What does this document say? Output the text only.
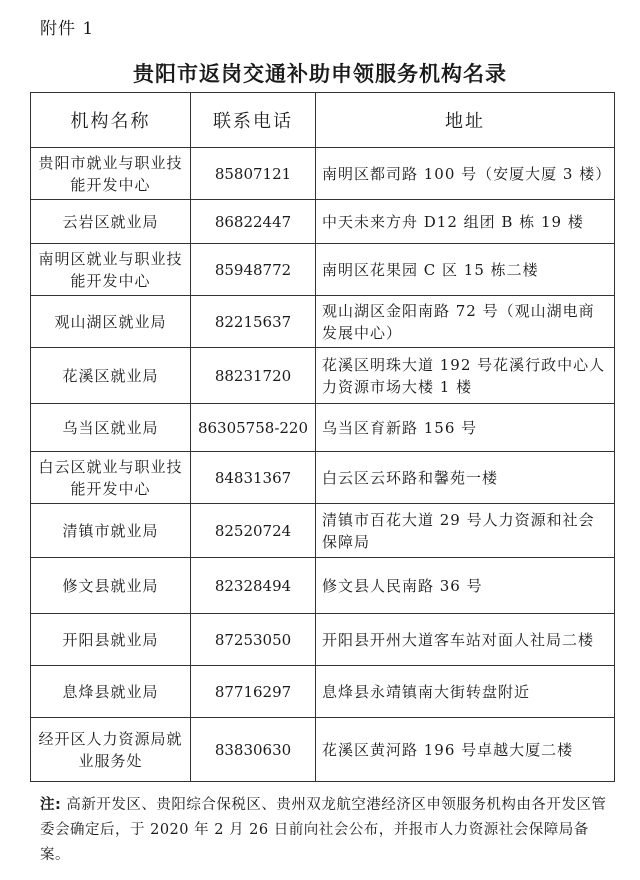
附件 1
贵阳市返岗交通补助申领服务机构名录
机构名称	联系电话	地址
贵阳市就业与职业技能开发中心	85807121	南明区都司路 100 号（安厦大厦 3 楼）
云岩区就业局	86822447	中天未来方舟 D12 组团 B 栋 19 楼
南明区就业与职业技能开发中心	85948772	南明区花果园 C 区 15 栋二楼
观山湖区就业局	82215637	观山湖区金阳南路 72 号（观山湖电商发展中心）
花溪区就业局	88231720	花溪区明珠大道 192 号花溪行政中心人力资源市场大楼 1 楼
乌当区就业局	86305758-220	乌当区育新路 156 号
白云区就业与职业技能开发中心	84831367	白云区云环路和馨苑一楼
清镇市就业局	82520724	清镇市百花大道 29 号人力资源和社会保障局
修文县就业局	82328494	修文县人民南路 36 号
开阳县就业局	87253050	开阳县开州大道客车站对面人社局二楼
息烽县就业局	87716297	息烽县永靖镇南大街转盘附近
经开区人力资源局就业服务处	83830630	花溪区黄河路 196 号卓越大厦二楼
注: 高新开发区、贵阳综合保税区、贵州双龙航空港经济区申领服务机构由各开发区管委会确定后，于 2020 年 2 月 26 日前向社会公布，并报市人力资源社会保障局备案。
